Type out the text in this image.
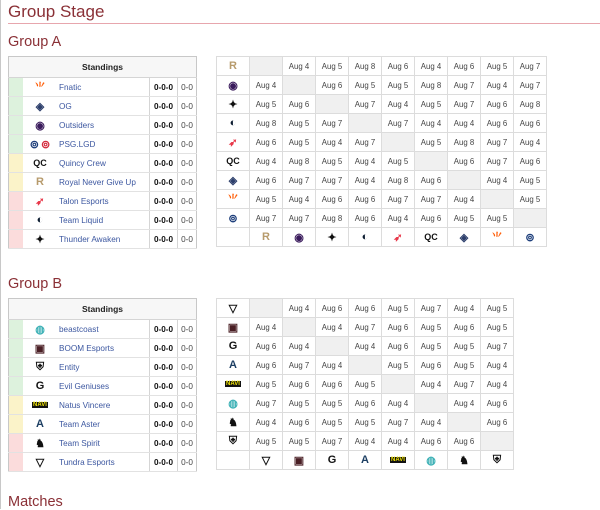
Group Stage
Group A
Standings				
	⺌	Fnatic	0-0-0	0-0
	◈	OG	0-0-0	0-0
	◉	Outsiders	0-0-0	0-0
	⊚ ⊚	PSG.LGD	0-0-0	0-0
	QC	Quincy Crew	0-0-0	0-0
	R	Royal Never Give Up	0-0-0	0-0
	➶	Talon Esports	0-0-0	0-0
	◐	Team Liquid	0-0-0	0-0
	✦	Thunder Awaken	0-0-0	0-0
R		Aug 4	Aug 5	Aug 8	Aug 6	Aug 4	Aug 6	Aug 5	Aug 7
◉	Aug 4		Aug 6	Aug 5	Aug 5	Aug 8	Aug 7	Aug 4	Aug 7
✦	Aug 5	Aug 6		Aug 7	Aug 4	Aug 5	Aug 7	Aug 6	Aug 8
◐	Aug 8	Aug 5	Aug 7		Aug 7	Aug 4	Aug 4	Aug 6	Aug 6
➶	Aug 6	Aug 5	Aug 4	Aug 7		Aug 5	Aug 8	Aug 7	Aug 4
QC	Aug 4	Aug 8	Aug 5	Aug 4	Aug 5		Aug 6	Aug 7	Aug 6
◈	Aug 6	Aug 7	Aug 7	Aug 4	Aug 8	Aug 6		Aug 4	Aug 5
⺌	Aug 5	Aug 4	Aug 6	Aug 6	Aug 7	Aug 7	Aug 4		Aug 5
⊚	Aug 7	Aug 7	Aug 8	Aug 6	Aug 4	Aug 6	Aug 5	Aug 5	
	R	◉	✦	◐	➶	QC	◈	⺌	⊚
Group B
Standings				
	◍	beastcoast	0-0-0	0-0
	▣	BOOM Esports	0-0-0	0-0
	⛨	Entity	0-0-0	0-0
	G	Evil Geniuses	0-0-0	0-0
	NAVI	Natus Vincere	0-0-0	0-0
	A	Team Aster	0-0-0	0-0
	♞	Team Spirit	0-0-0	0-0
	▽	Tundra Esports	0-0-0	0-0
▽		Aug 4	Aug 6	Aug 6	Aug 5	Aug 7	Aug 4	Aug 5
▣	Aug 4		Aug 4	Aug 7	Aug 6	Aug 5	Aug 6	Aug 5
G	Aug 6	Aug 4		Aug 4	Aug 6	Aug 5	Aug 5	Aug 7
A	Aug 6	Aug 7	Aug 4		Aug 5	Aug 6	Aug 5	Aug 4
NAVI	Aug 5	Aug 6	Aug 6	Aug 5		Aug 4	Aug 7	Aug 4
◍	Aug 7	Aug 5	Aug 5	Aug 6	Aug 4		Aug 4	Aug 6
♞	Aug 4	Aug 6	Aug 5	Aug 5	Aug 7	Aug 4		Aug 6
⛨	Aug 5	Aug 5	Aug 7	Aug 4	Aug 4	Aug 6	Aug 6	
	▽	▣	G	A	NAVI	◍	♞	⛨
Matches
